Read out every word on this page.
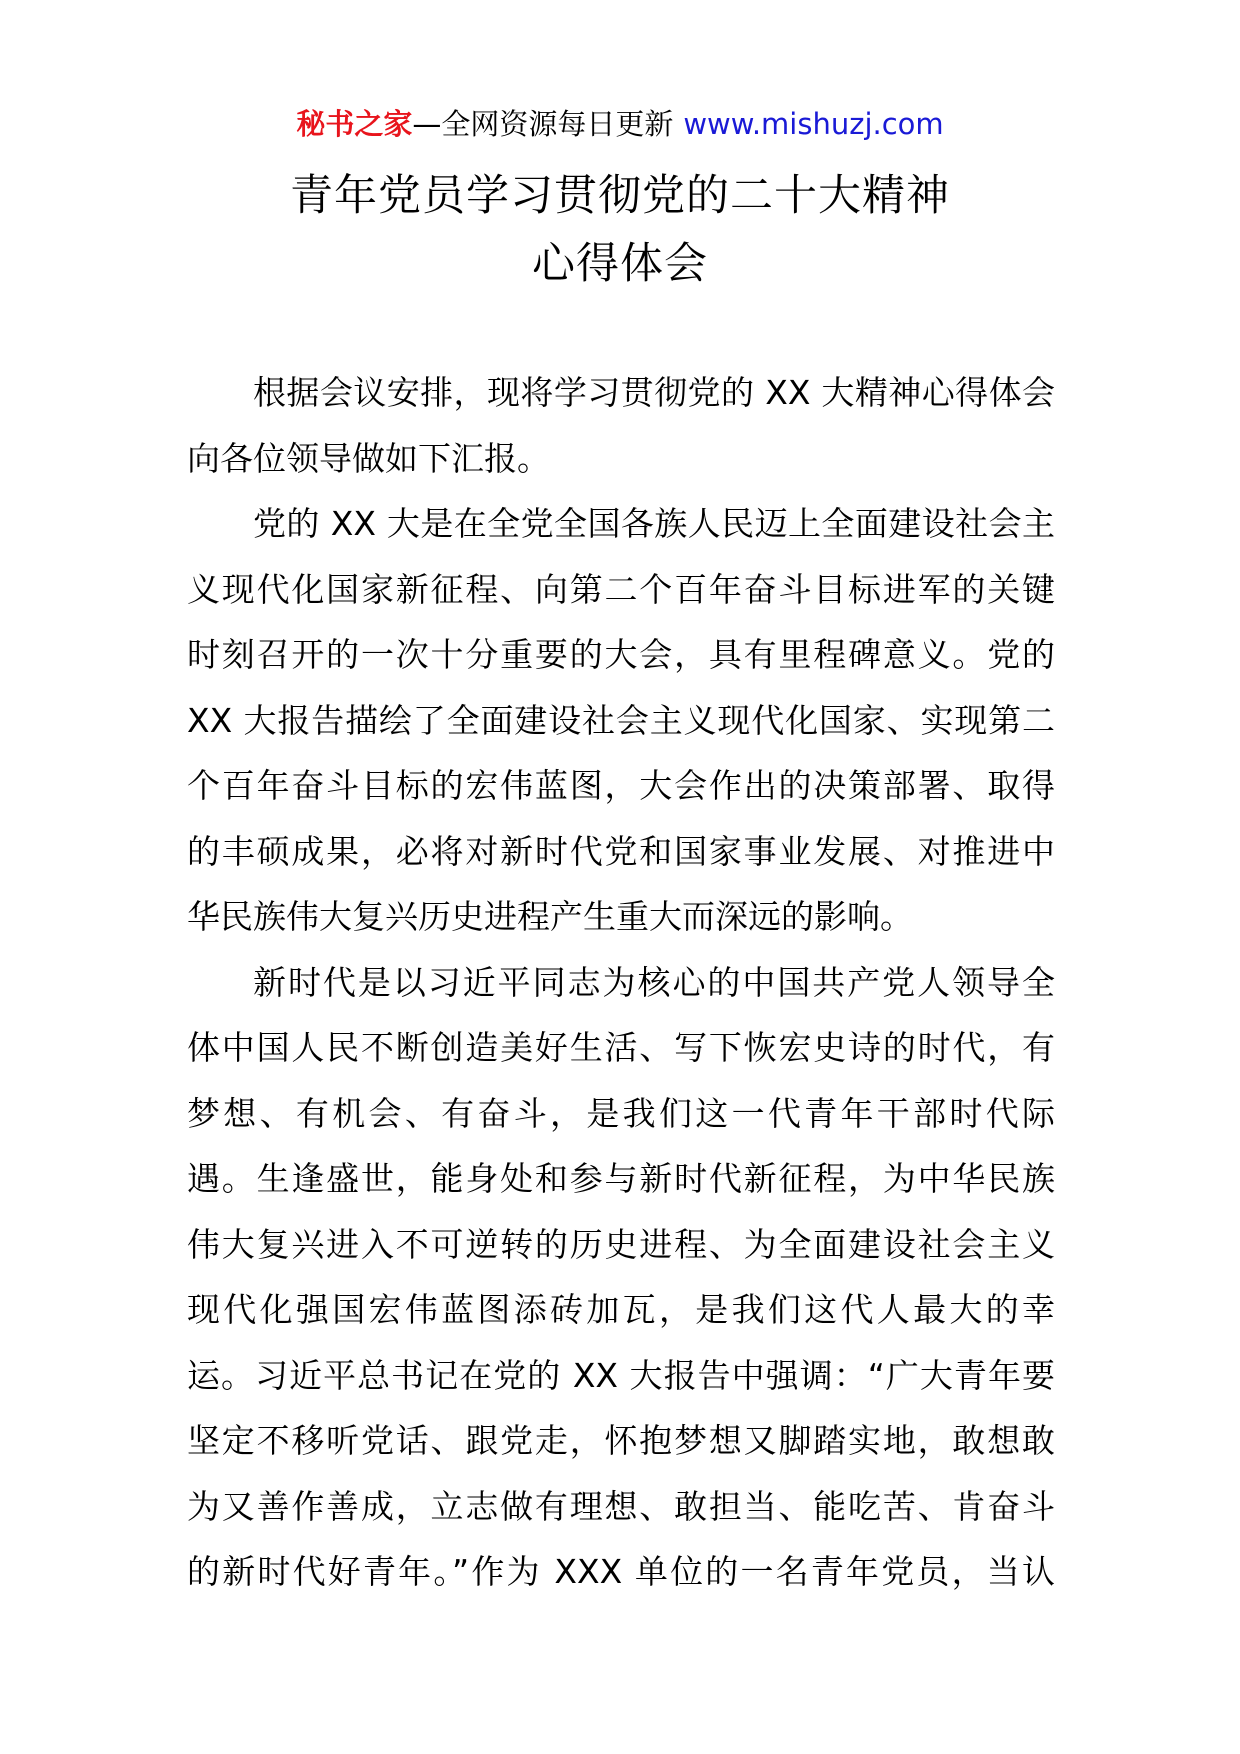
秘书之家—全网资源每日更新 www.mishuzj.com
青年党员学习贯彻党的二十大精神
心得体会

根据会议安排，现将学习贯彻党的 XX 大精神心得体会
向各位领导做如下汇报。

党的 XX 大是在全党全国各族人民迈上全面建设社会主
义现代化国家新征程、向第二个百年奋斗目标进军的关键
时刻召开的一次十分重要的大会，具有里程碑意义。党的
XX 大报告描绘了全面建设社会主义现代化国家、实现第二
个百年奋斗目标的宏伟蓝图，大会作出的决策部署、取得
的丰硕成果，必将对新时代党和国家事业发展、对推进中
华民族伟大复兴历史进程产生重大而深远的影响。

新时代是以习近平同志为核心的中国共产党人领导全
体中国人民不断创造美好生活、写下恢宏史诗的时代，有
梦想、有机会、有奋斗，是我们这一代青年干部时代际
遇。生逢盛世，能身处和参与新时代新征程，为中华民族
伟大复兴进入不可逆转的历史进程、为全面建设社会主义
现代化强国宏伟蓝图添砖加瓦，是我们这代人最大的幸
运。习近平总书记在党的 XX 大报告中强调：“广大青年要
坚定不移听党话、跟党走，怀抱梦想又脚踏实地，敢想敢
为又善作善成，立志做有理想、敢担当、能吃苦、肯奋斗
的新时代好青年。”作为 XXX 单位的一名青年党员，当认
